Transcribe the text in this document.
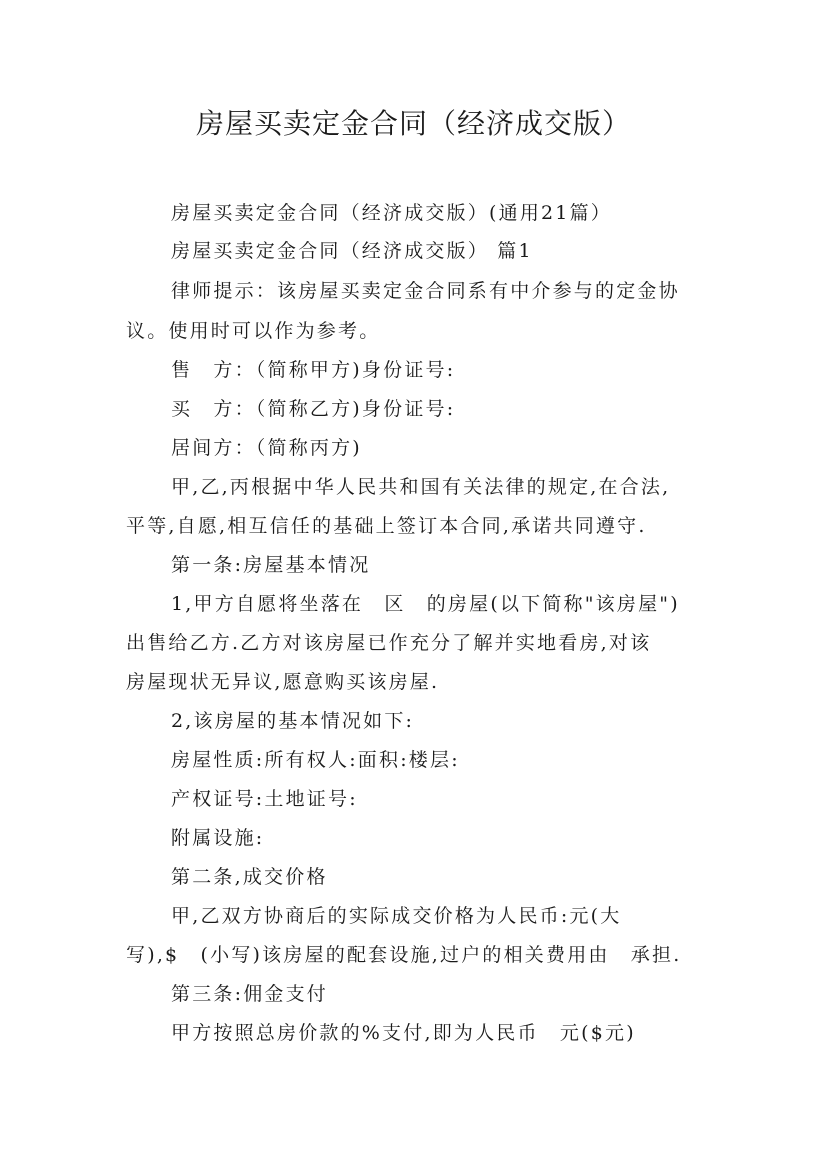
房屋买卖定金合同（经济成交版）

房屋买卖定金合同（经济成交版）(通用21篇）

房屋买卖定金合同（经济成交版） 篇1

律师提示：该房屋买卖定金合同系有中介参与的定金协

议。使用时可以作为参考。

售　方：（简称甲方)身份证号:

买　方：（简称乙方)身份证号:

居间方：（简称丙方)

甲,乙,丙根据中华人民共和国有关法律的规定,在合法,

平等,自愿,相互信任的基础上签订本合同,承诺共同遵守.

第一条:房屋基本情况

1,甲方自愿将坐落在　区　的房屋(以下简称"该房屋")

出售给乙方.乙方对该房屋已作充分了解并实地看房,对该

房屋现状无异议,愿意购买该房屋.

2,该房屋的基本情况如下:

房屋性质:所有权人:面积:楼层:

产权证号:土地证号:

附属设施:

第二条,成交价格

甲,乙双方协商后的实际成交价格为人民币:元(大

写),$　(小写)该房屋的配套设施,过户的相关费用由　承担.

第三条:佣金支付

甲方按照总房价款的%支付,即为人民币　元($元)
